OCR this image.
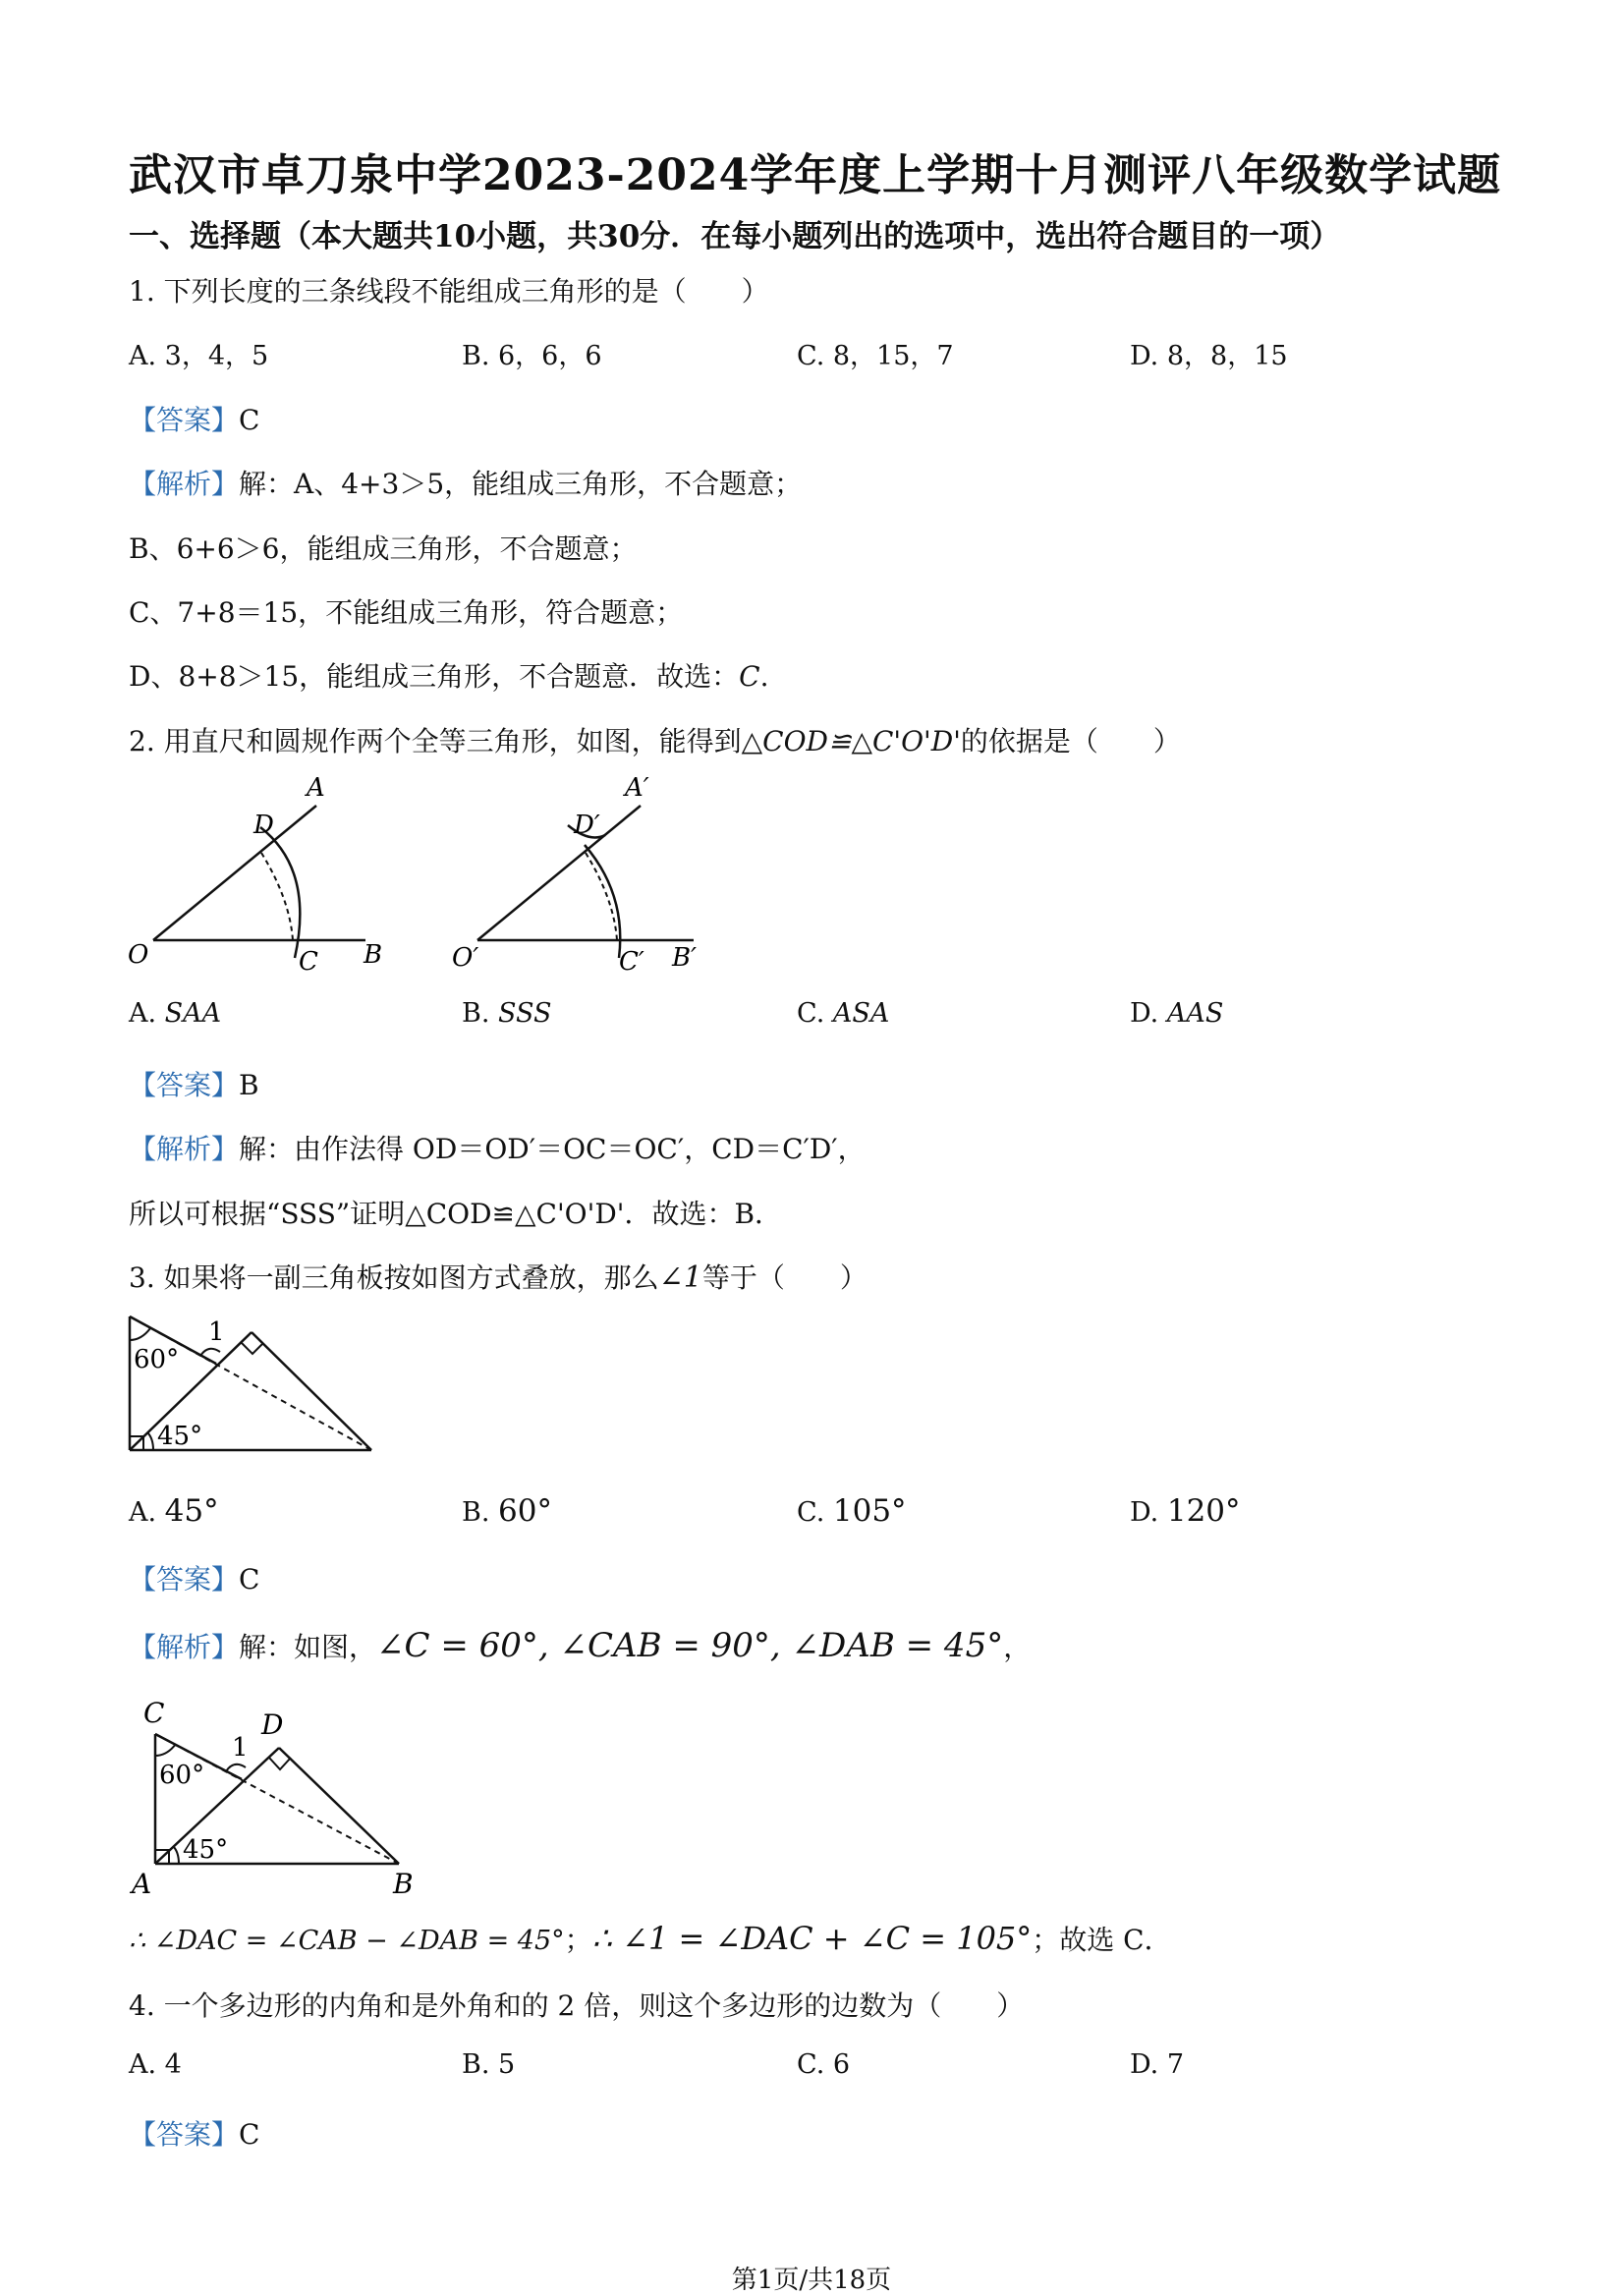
武汉市卓刀泉中学2023-2024学年度上学期十月测评八年级数学试题
一、选择题（本大题共10小题，共30分．在每小题列出的选项中，选出符合题目的一项）
1. 下列长度的三条线段不能组成三角形的是（　　）
A. 3，4，5	B. 6，6，6	C. 8，15，7	D. 8，8，15
【答案】C
【解析】解：A、4+3＞5，能组成三角形，不合题意；
B、6+6＞6，能组成三角形，不合题意；
C、7+8＝15，不能组成三角形，符合题意；
D、8+8＞15，能组成三角形，不合题意．故选：C.
2. 用直尺和圆规作两个全等三角形，如图，能得到△COD≌△C'O'D'的依据是（　　）
O
A
B
C
D
O′
A′
B′
C′
D′
A. SAA	B. SSS	C. ASA	D. AAS
【答案】B
【解析】解：由作法得 OD＝OD′＝OC＝OC′，CD＝C′D′，
所以可根据“SSS”证明△COD≌△C'O'D'．故选：B．
3. 如果将一副三角板按如图方式叠放，那么∠1等于（　　）
60°
45°
1
A. 45°	B. 60°	C. 105°	D. 120°
【答案】C
【解析】解：如图，∠C = 60°, ∠CAB = 90°, ∠DAB = 45°，
C	D
A	B
60°
45°
1
∴ ∠DAC = ∠CAB − ∠DAB = 45°；∴ ∠1 = ∠DAC + ∠C = 105°；故选 C．
4. 一个多边形的内角和是外角和的 2 倍，则这个多边形的边数为（　　）
A. 4	B. 5	C. 6	D. 7
【答案】C
第1页/共18页
